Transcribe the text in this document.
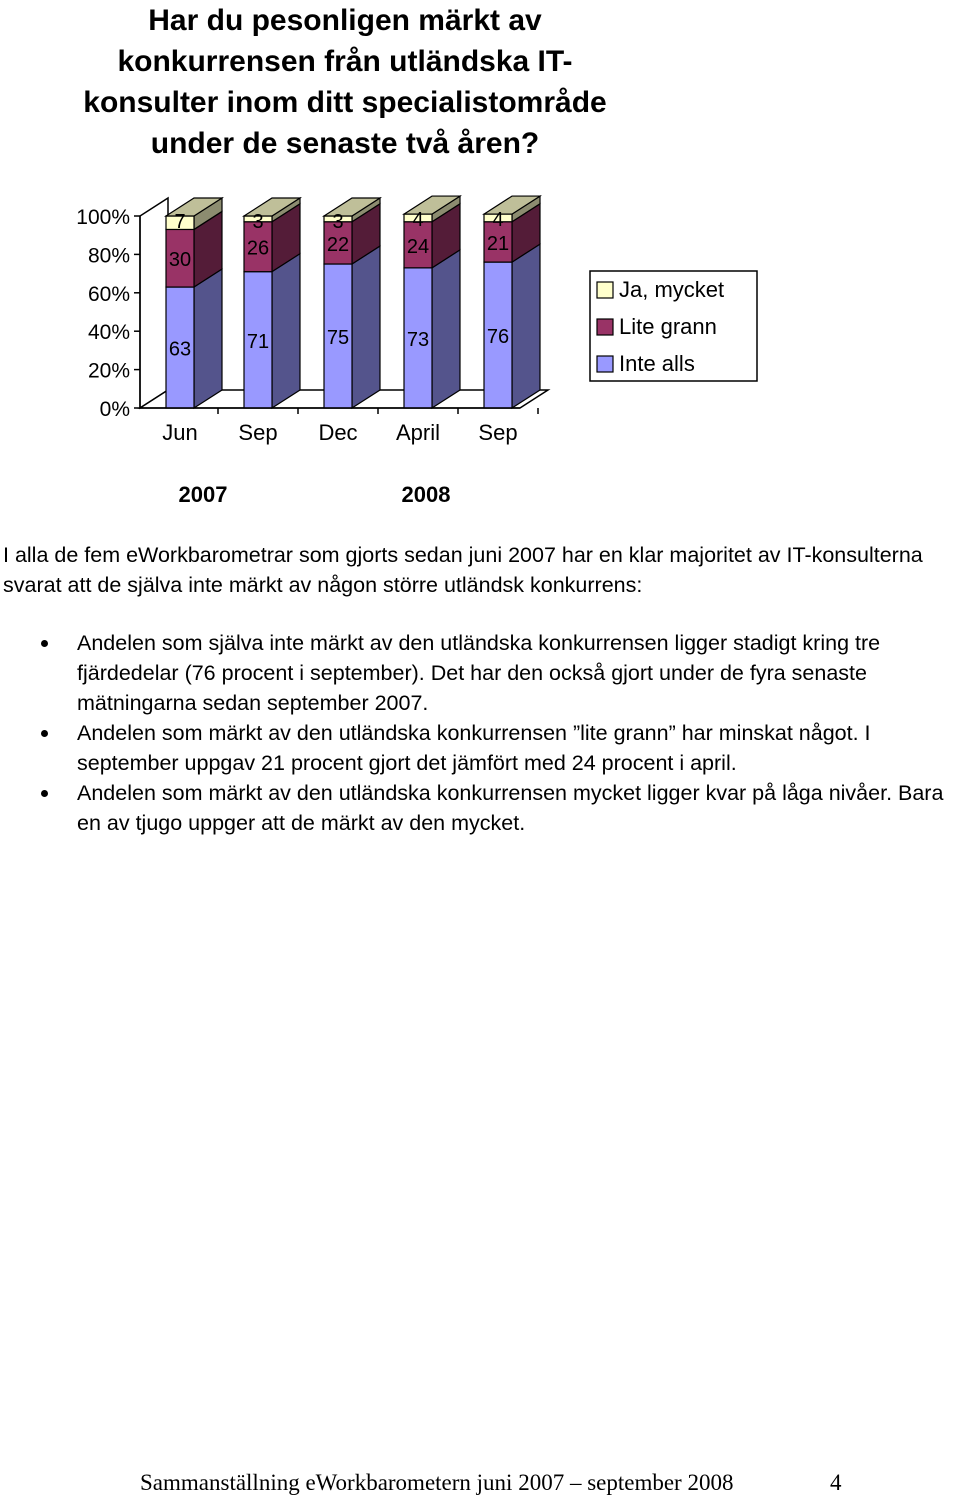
Har du pesonligen märkt av konkurrensen från utländska IT-konsulter inom ditt specialistområde under de senaste två åren?
0%
20%
40%
60%
80%
100%
63
30
7
Jun
71
26
3
Sep
75
22
3
Dec
73
24
4
April
76
21
4
Sep
2007	2008
Ja, mycket
Lite grann
Inte alls

I alla de fem eWorkbarometrar som gjorts sedan juni 2007 har en klar majoritet av IT-konsulterna svarat att de själva inte märkt av någon större utländsk konkurrens:

Andelen som själva inte märkt av den utländska konkurrensen ligger stadigt kring tre fjärdedelar (76 procent i september). Det har den också gjort under de fyra senaste mätningarna sedan september 2007.
Andelen som märkt av den utländska konkurrensen ”lite grann” har minskat något. I september uppgav 21 procent gjort det jämfört med 24 procent i april.
Andelen som märkt av den utländska konkurrensen mycket ligger kvar på låga nivåer. Bara en av tjugo uppger att de märkt av den mycket.
Sammanställning eWorkbarometern juni 2007 – september 2008	4
